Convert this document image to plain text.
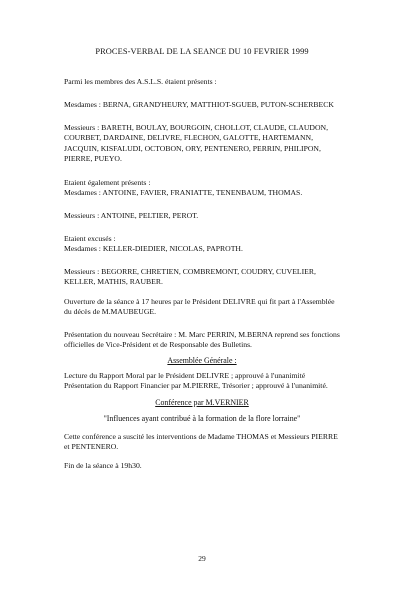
PROCES-VERBAL DE LA SEANCE DU 10 FEVRIER 1999
Parmi les membres des A.S.L.S. étaient présents :
Mesdames : BERNA, GRAND'HEURY, MATTHIOT-SGUEB, PUTON-SCHERBECK

Messieurs : BARETH, BOULAY, BOURGOIN, CHOLLOT, CLAUDE, CLAUDON,

COURBET, DARDAINE, DELIVRE, FLECHON, GALOTTE, HARTEMANN,

JACQUIN, KISFALUDI, OCTOBON, ORY, PENTENERO, PERRIN, PHILIPON,

PIERRE, PUEYO.

Etaient également présents :

Mesdames : ANTOINE, FAVIER, FRANIATTE, TENENBAUM, THOMAS.

Messieurs : ANTOINE, PELTIER, PEROT.

Etaient excusés :

Mesdames : KELLER-DIEDIER, NICOLAS, PAPROTH.

Messieurs : BEGORRE, CHRETIEN, COMBREMONT, COUDRY, CUVELIER,

KELLER, MATHIS, RAUBER.

Ouverture de la séance à 17 heures par le Président DELIVRE qui fit part à l'Assemblée

du décès de M.MAUBEUGE.

Présentation du nouveau Secrétaire : M. Marc PERRIN, M.BERNA reprend ses fonctions

officielles de Vice-Président et de Responsable des Bulletins.

Assemblée Générale :

Lecture du Rapport Moral par le Président DELIVRE ; approuvé à l'unanimité

Présentation du Rapport Financier par M.PIERRE, Trésorier ; approuvé à l'unanimité.

Conférence par M.VERNIER
"Influences ayant contribué à la formation de la flore lorraine"

Cette conférence a suscité les interventions de Madame THOMAS et Messieurs PIERRE

et PENTENERO.

Fin de la séance à 19h30.
29
